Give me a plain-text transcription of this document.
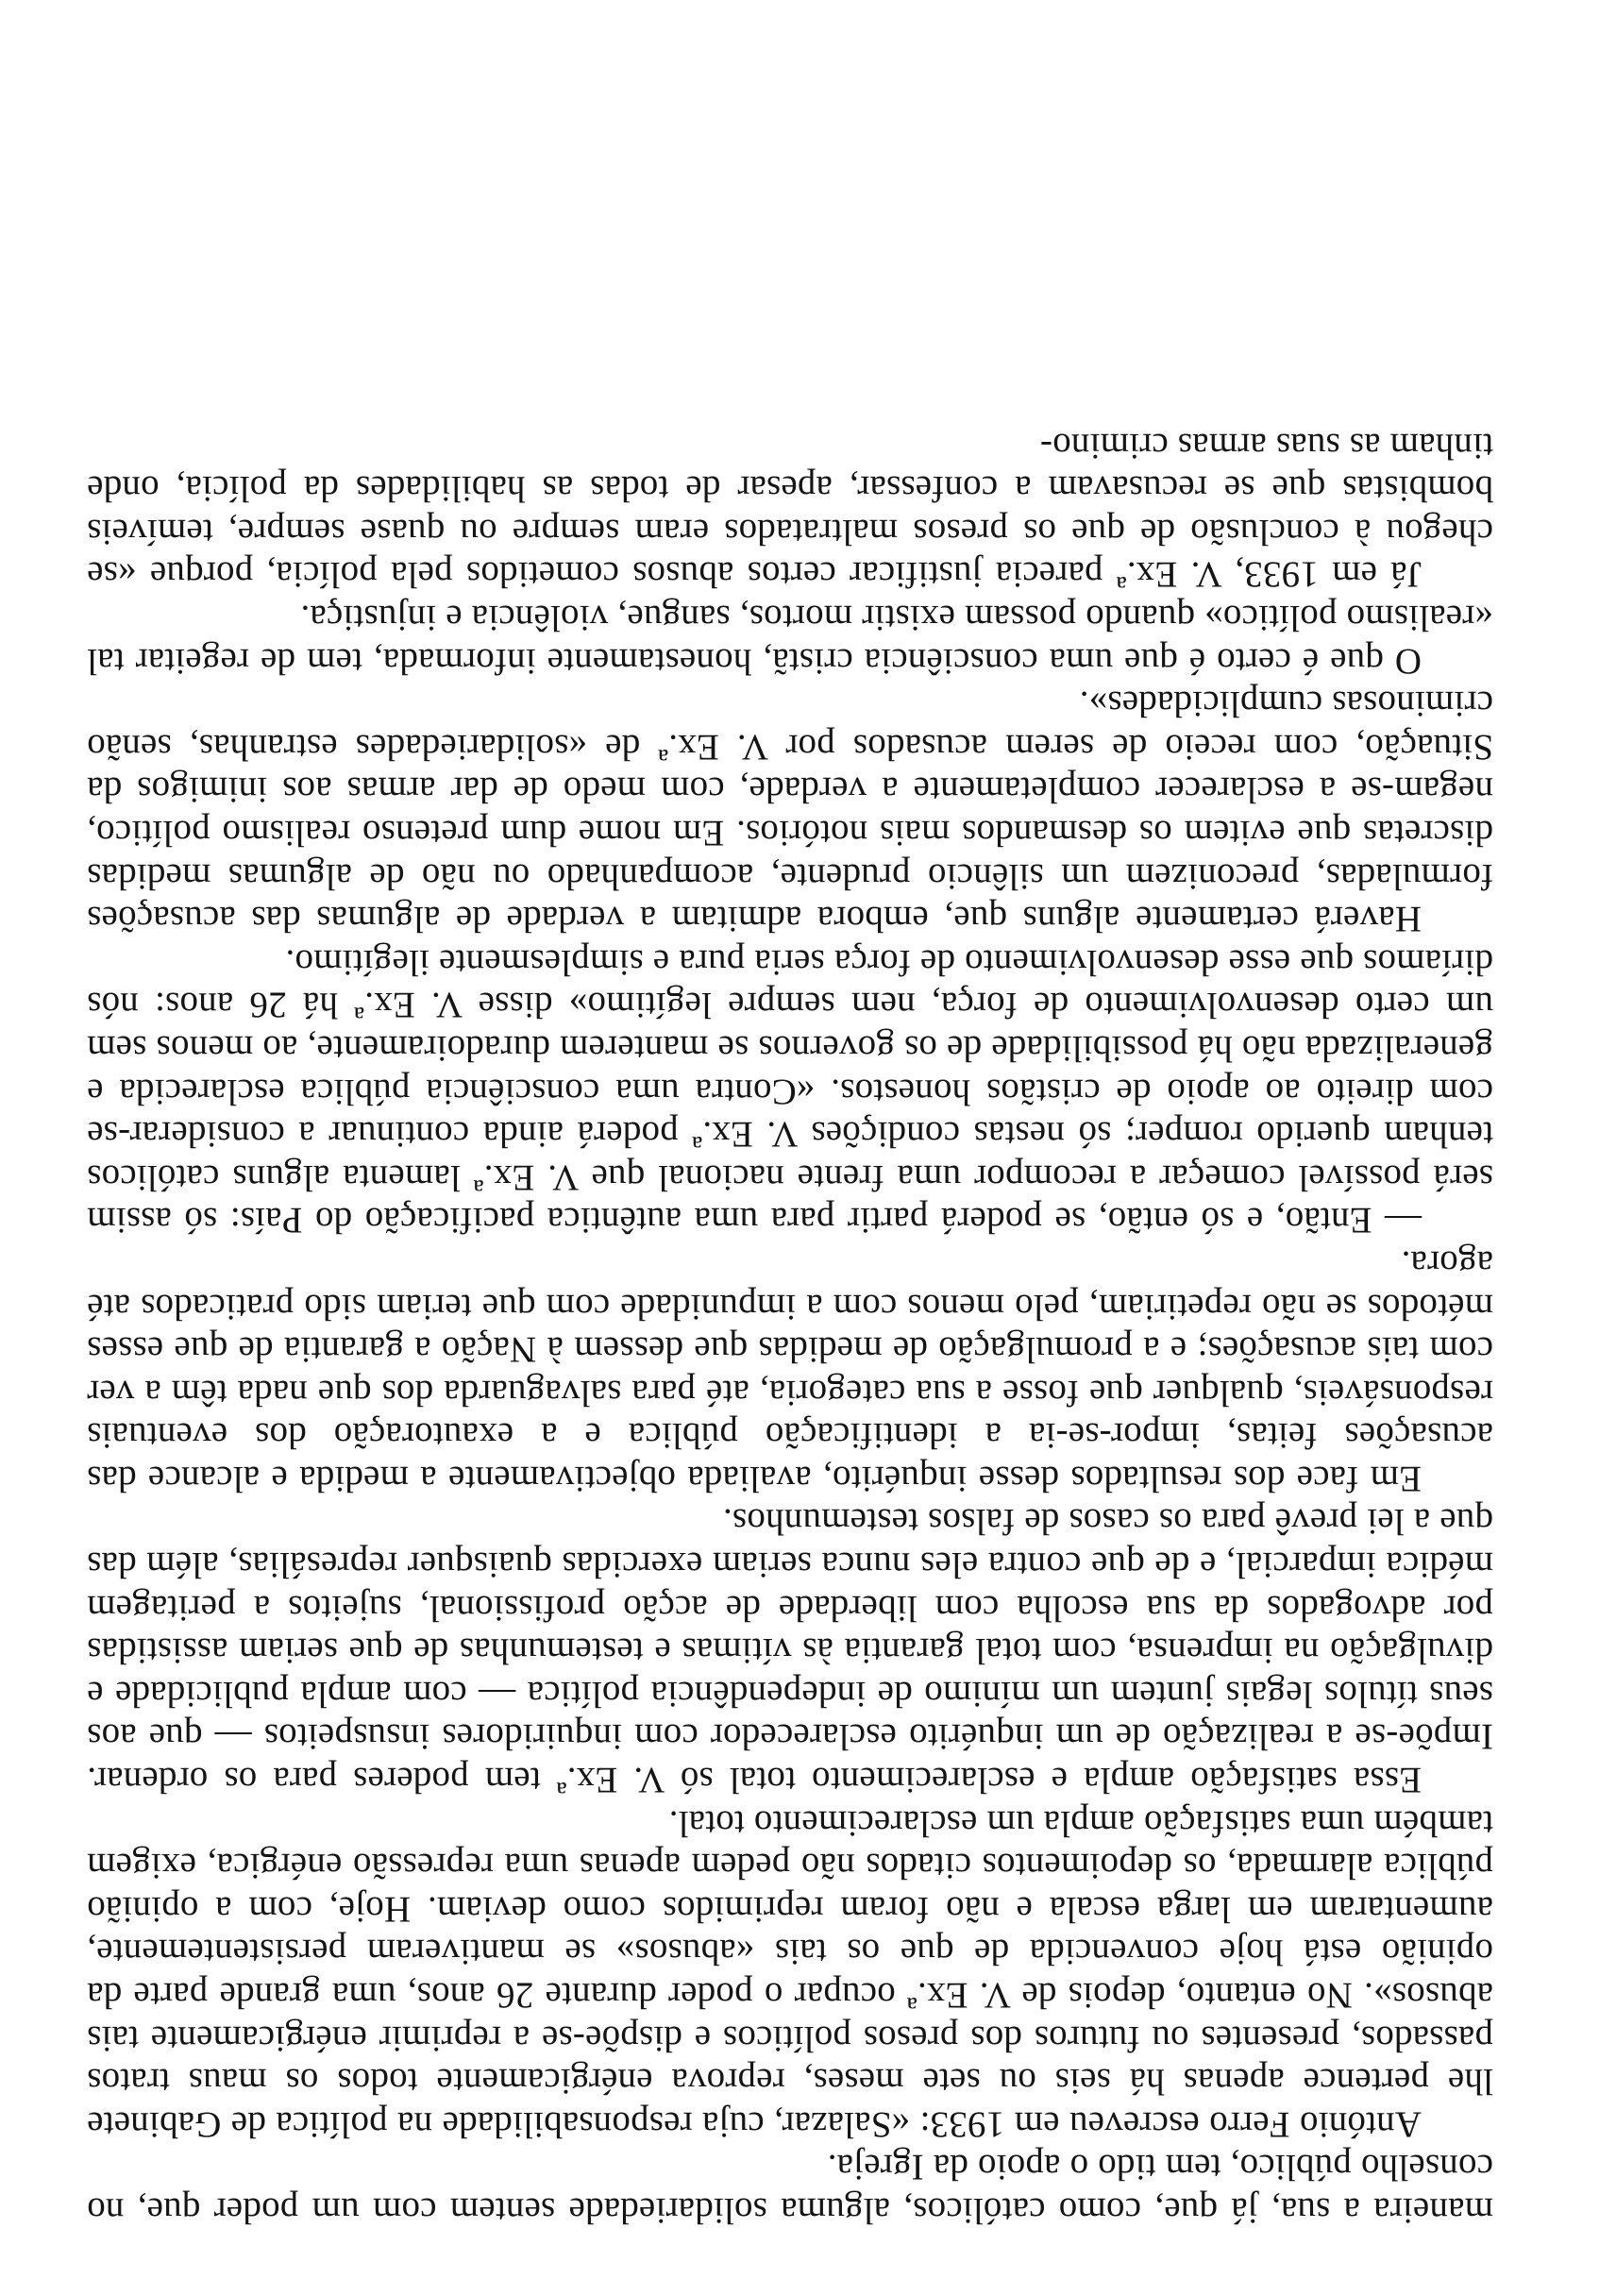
maneira a sua, já que, como católicos, alguma solidariedade sentem com um poder que, no conselho público, tem tido o apoio da Igreja.

António Ferro escreveu em 1933: «Salazar, cuja responsabilidade na política de Gabinete lhe pertence apenas há seis ou sete meses, reprova enérgicamente todos os maus tratos passados, presentes ou futuros dos presos políticos e dispõe-se a reprimir enérgicamente tais abusos». No entanto, depois de V. Ex.ª ocupar o poder durante 26 anos, uma grande parte da opinião está hoje convencida de que os tais «abusos» se mantiveram persistentemente, aumentaram em larga escala e não foram reprimidos como deviam. Hoje, com a opinião pública alarmada, os depoimentos citados não pedem apenas uma repressão enérgica, exigem também uma satisfação ampla um esclarecimento total.

Essa satisfação ampla e esclarecimento total só V. Ex.ª tem poderes para os ordenar. Impõe-se a realização de um inquérito esclarecedor com inquiridores insuspeitos — que aos seus títulos legais juntem um mínimo de independência política — com ampla publicidade e divulgação na imprensa, com total garantia às vítimas e testemunhas de que seriam assistidas por advogados da sua escolha com liberdade de acção profissional, sujeitos a peritagem médica imparcial, e de que contra eles nunca seriam exercidas quaisquer represálias, além das que a lei prevê para os casos de falsos testemunhos.

Em face dos resultados desse inquérito, avaliada objectivamente a medida e alcance das acusações feitas, impor-se-ia a identificação pública e a exautoração dos eventuais responsáveis, qualquer que fosse a sua categoria, até para salvaguarda dos que nada têm a ver com tais acusações; e a promulgação de medidas que dessem à Nação a garantia de que esses métodos se não repetiriam, pelo menos com a impunidade com que teriam sido praticados até agora.

— Então, e só então, se poderá partir para uma autêntica pacificação do País: só assim será possível começar a recompor uma frente nacional que V. Ex.ª lamenta alguns católicos tenham querido romper; só nestas condições V. Ex.ª poderá ainda continuar a considerar-se com direito ao apoio de cristãos honestos. «Contra uma consciência pública esclarecida e generalizada não há possibilidade de os governos se manterem duradoiramente, ao menos sem um certo desenvolvimento de força, nem sempre legítimo» disse V. Ex.ª há 26 anos: nós diríamos que esse desenvolvimento de força seria pura e simplesmente ilegítimo.

Haverá certamente alguns que, embora admitam a verdade de algumas das acusações formuladas, preconizem um silêncio prudente, acompanhado ou não de algumas medidas discretas que evitem os desmandos mais notórios. Em nome dum pretenso realismo político, negam-se a esclarecer completamente a verdade, com medo de dar armas aos inimigos da Situação, com receio de serem acusados por V. Ex.ª de «solidariedades estranhas, senão criminosas cumplicidades».

O que é certo é que uma consciência cristã, honestamente informada, tem de regeitar tal «realismo político» quando possam existir mortos, sangue, violência e injustiça.

Já em 1933, V. Ex.ª parecia justificar certos abusos cometidos pela polícia, porque «se chegou à conclusão de que os presos maltratados eram sempre ou quase sempre, temíveis bombistas que se recusavam a confessar, apesar de todas as habilidades da polícia, onde tinham as suas armas crimino-
